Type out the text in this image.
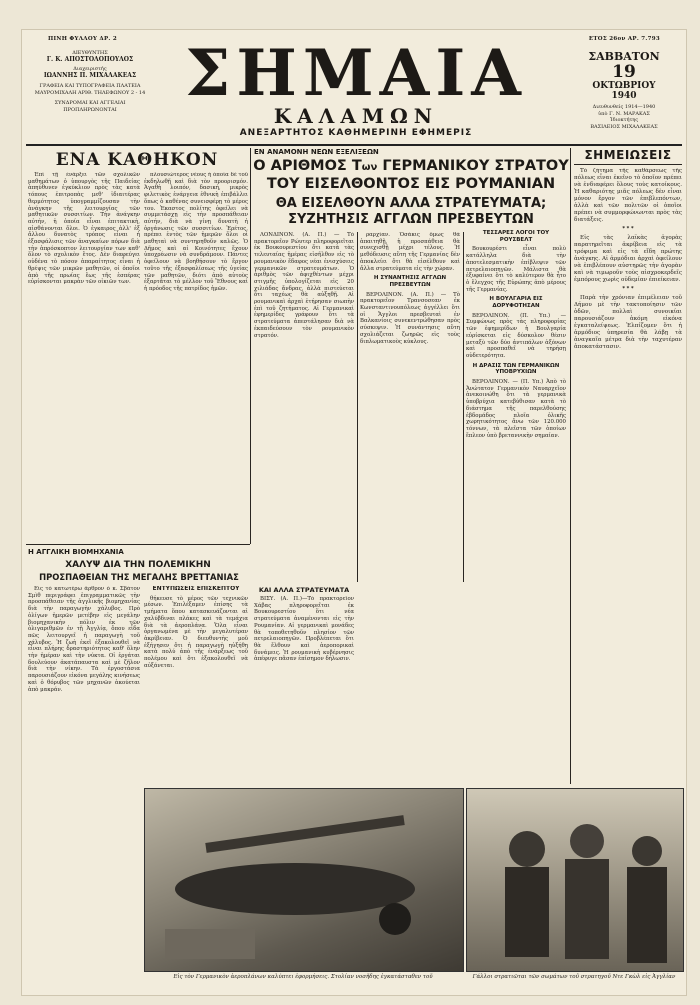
ΠΙΝΗ ΦΥΛΛΟΥ ΔΡ. 2	ΕΤΟΣ 26ον ΑΡ. 7.793
ΔΙΕΥΘΥΝΤΗΣ
Γ. Κ. ΑΠΟΣΤΟΛΟΠΟΥΛΟΣ
Διαχειριστής
ΙΩΑΝΝΗΣ Π. ΜΙΧΑΛΑΚΕΑΣ
ΓΡΑΦΕΙΑ ΚΑΙ ΤΥΠΟΓΡΑΦΕΙΑ ΠΛΑΤΕΙΑ ΜΑΥΡΟΜΙΧΑΛΗ ΑΡΙΘ. ΤΗΛΕΦΩΝΟΥ 2 - 14
ΣΥΝΔΡΟΜΑΙ ΚΑΙ ΑΓΓΕΛΙΑΙ ΠΡΟΠΛΗΡΩΝΟΝΤΑΙ	ΣΗΜΑΙΑ
ΚΑΛΑΜΩΝ
ΑΝΕΞΑΡΤΗΤΟΣ ΚΑΘΗΜΕΡΙΝΗ ΕΦΗΜΕΡΙΣ
ΣΑΒΒΑΤΟΝ
19
ΟΚΤΩΒΡΙΟΥ
1940
Διευθυνθείς 1914—1940
ὑπὸ Γ. Ν. ΜΑΡΑΚΑΣ
Ἰδιοκτήτης
ΒΑΣΙΛΕΙΟΣ ΜΙΧΑΛΑΚΕΑΣ
ΕΝΑ ΚΑΘΗΚΟΝ

Ἐπὶ τῇ ἐνάρξει τῶν σχολικῶν μαθημάτων ὁ ὑπουργὸς τῆς Παιδείας ἀπηύθυνεν ἐγκύκλιον πρὸς τὰς κατὰ τόπους ἐπιτροπὰς μεθ' ἰδιαιτέρας θερμότητος ὑπογραμμίζουσαν τὴν ἀνάγκην τῆς λειτουργίας τῶν μαθητικῶν συσσιτίων. Τὴν ἀνάγκην αὐτήν, ἡ ὁποία εἶναι ἐπιτακτικὴ, αἰσθάνονται ὅλοι. Ὁ ἐγκαιρος ἀλλ' ἐξ ἄλλου δυνατὸς τρόπος εἶναι ἡ ἐξασφάλισις τῶν ἀναγκαίων πόρων διὰ τὴν ἀπρόσκοπτον λειτουργίαν των καθ' ὅλον τὸ σχολικὸν ἔτος. Δὲν διαφεύγει οὐδένα τὸ πόσον ἀπαραίτητος εἶναι ἡ θρέψις τῶν μικρῶν μαθητῶν, οἱ ὁποῖοι ἀπὸ τῆς πρωίας ἔως τῆς ἑσπέρας εὑρίσκονται μακρὰν τῶν οἰκιῶν των.

πλουσιώτερος νέους ἡ ὁποία δὲ τοῦ ἐκδηλωθῇ καὶ διὰ τὸν προορισμόν. Ἀγαθὴ λοιπόν, δασική, μικρὸς φιλετικὸς ἐνάργεια ἐθνικὴ ἐπιβάλλει ὅπως ὁ καθένας συνεισφέρῃ τὸ μέρος του. Ἑκαστος πολίτης ὀφείλει νὰ συμμετάσχῃ εἰς τὴν προσπάθειαν αὐτήν, διὰ νὰ γίνῃ δυνατὴ ἡ ὀργάνωσις τῶν συσσιτίων. Ἐρέτος, πρέπει ἐντὸς τῶν ἡμερῶν ὅλοι οἱ μαθηταὶ νὰ συντηρηθοῦν καλῶς. Ὁ Δῆμος καὶ αἱ Κοινότητες ἔχουν ὑποχρέωσιν νὰ συνδράμουν. Πάντες ὀφείλουν νὰ βοηθήσουν τὸ ἔργον τοῦτο τῆς ἐξασφαλίσεως τῆς ὑγείας τῶν μαθητῶν, διότι ἀπὸ αὐτοὺς ἐξαρτᾶται τὸ μέλλον τοῦ Ἔθνους καὶ ἡ πρόοδος τῆς πατρίδος ἡμῶν.

ΕΝ ΑΝΑΜΟΝΗ ΝΕΩΝ ΕΞΕΛΙΞΕΩΝ
Ο ΑΡΙΘΜΟΣ Των ΓΕΡΜΑΝΙΚΟΥ ΣΤΡΑΤΟΥ
ΤΟΥ ΕΙΣΕΛΘΟΝΤΟΣ ΕΙΣ ΡΟΥΜΑΝΙΑΝ
ΘΑ ΕΙΣΕΛΘΟΥΝ ΑΛΛΑ ΣΤΡΑΤΕΥΜΑΤΑ;
ΣΥΖΗΤΗΣΙΣ ΑΓΓΛΩΝ ΠΡΕΣΒΕΥΤΩΝ

ΛΟΝΔΙΝΟΝ. (Α. Π.) — Τὸ πρακτορεῖον Ρώυτερ πληροφορεῖται ἐκ Βουκουρεστίου ὅτι κατὰ τὰς τελευταίας ἡμέρας εἰσῆλθον εἰς τὸ ρουμανικὸν ἔδαφος νέαι ἐνισχύσεις γερμανικῶν στρατευμάτων. Ὁ ἀριθμὸς τῶν ἀφιχθέντων μέχρι στιγμῆς ὑπολογίζεται εἰς 20 χιλιάδας ἄνδρας, ἀλλὰ πιστεύεται ὅτι ταχέως θὰ αὐξηθῇ. Αἱ ρουμανικαὶ ἀρχαὶ ἐτήρησαν σιωπὴν ἐπὶ τοῦ ζητήματος. Αἱ Γερμανικαὶ ἐφημερίδες γράφουν ὅτι τὰ στρατεύματα ἀπεστάλησαν διὰ νὰ ἐκπαιδεύσουν τὸν ρουμανικὸν στρατόν.

ραρχίαν. Ὁσάκις ὅμως θὰ ἀπαιτηθῇ, ἡ προσπάθεια θὰ συνεχισθῇ μέχρι τέλους. Ἡ μεθόδευσις αὕτη τῆς Γερμανίας δὲν ἀποκλείει ὅτι θὰ εἰσέλθουν καὶ ἄλλα στρατεύματα εἰς τὴν χώραν.

Η ΣΥΝΑΝΤΗΣΙΣ ΑΓΓΛΩΝ ΠΡΕΣΒΕΥΤΩΝ

ΒΕΡΟΛΙΝΟΝ. (Α. Π.) — Τὸ πρακτορεῖον Τρανσοσεαν ἐκ Κωνσταντινουπόλεως ἀγγέλλει ὅτι οἱ Ἄγγλοι πρεσβευταὶ ἐν Βαλκανίοις συνεκεντρώθησαν πρὸς σύσκεψιν. Ἡ συνάντησις αὕτη σχολιάζεται ζωηρῶς εἰς τοὺς διπλωματικοὺς κύκλους.

ΤΕΣΣΑΡΕΣ ΛΟΓΟΙ ΤΟΥ ΡΟΥΣΒΕΛΤ

Βουκουρέστι εἶναι πολὺ κατάλληλα διὰ τὴν ἀποτελεσματικὴν ἐπίβλεψιν τῶν πετρελαιοπηγῶν. Μάλιστα θὰ ἐξυφαίνει ὅτι τὸ καλύτερον θὰ ἦτο ὁ ἔλεγχος τῆς Εὐρώπης ἀπὸ μέρους τῆς Γερμανίας.

Η ΒΟΥΛΓΑΡΙΑ ΕΙΣ ΔΟΡΥΦΟΤΗΣΑΝ

ΒΕΡΟΛΙΝΟΝ. (Π. Υπ.) — Συμφώνως πρὸς τὰς πληροφορίας τῶν ἐφημερίδων ἡ Βουλγαρία εὑρίσκεται εἰς δύσκολον θέσιν μεταξὺ τῶν δύο ἀντιπάλων ἀξόνων καὶ προσπαθεῖ νὰ τηρήσῃ οὐδετερότητα.

Η ΔΡΑΣΙΣ ΤΩΝ ΓΕΡΜΑΝΙΚΩΝ ΥΠΟΒΡΥΧΙΩΝ

ΒΕΡΟΛΙΝΟΝ. — (Π. Υπ.) Ἀπὸ τὸ Ἀνώτατον Γερμανικὸν Ναυαρχεῖον ἀνεκοινώθη ὅτι τὰ γερμανικὰ ὑποβρύχια κατεβύθισαν κατὰ τὸ διάστημα τῆς παρελθούσης ἑβδομάδος πλοῖα ὁλικῆς χωρητικότητος ἄνω τῶν 120.000 τόννων, τὰ πλεῖστα τῶν ὁποίων ἔπλεον ὑπὸ βρεταννικὴν σημαίαν.

ΣΗΜΕΙΩΣΕΙΣ

Τὸ ζήτημα τῆς καθάρσεως τῆς πόλεως εἶναι ἐκεῖνο τὸ ὁποῖον πρέπει νὰ ἐνδιαφέρει ὅλους τοὺς κατοίκους. Ἡ καθαριότης μιᾶς πόλεως δὲν εἶναι μόνον ἔργον τῶν ἐπιβλεπόντων, ἀλλὰ καὶ τῶν πολιτῶν οἱ ὁποῖοι πρέπει νὰ συμμορφώνωνται πρὸς τὰς διατάξεις.

* * *

Εἰς τὰς λαϊκὰς ἀγορὰς παρατηρεῖται ἀκρίβεια εἰς τὰ τρόφιμα καὶ εἰς τὰ εἴδη πρώτης ἀνάγκης. Αἱ ἀρμόδιαι ἀρχαὶ ὀφείλουν νὰ ἐπιβλέπουν αὐστηρῶς τὴν ἀγορὰν καὶ νὰ τιμωροῦν τοὺς αἰσχροκερδεῖς ἐμπόρους χωρὶς οὐδεμίαν ἐπιείκειαν.

* * *

Παρὰ τὴν χρόνιαν ἐπιμέλειαν τοῦ Δήμου μὲ τὴν τακτοποίησιν τῶν ὁδῶν, πολλαὶ συνοικίαι παρουσιάζουν ἀκόμη εἰκόνα ἐγκαταλείψεως. Ἐλπίζομεν ὅτι ἡ ἁρμόδιος ὑπηρεσία θὰ λάβῃ τὰ ἀναγκαῖα μέτρα διὰ τὴν ταχυτέραν ἀποκατάστασιν.

Η ΑΓΓΛΙΚΗ ΒΙΟΜΗΧΑΝΙΑ
ΧΑΛΥΨ ΔΙΑ ΤΗΝ ΠΟΛΕΜΙΚΗΝ
ΠΡΟΣΠΑΘΕΙΑΝ ΤΗΣ ΜΕΓΑΛΗΣ ΒΡΕΤΤΑΝΙΑΣ

Εἰς τὸ κατωτέρω ἄρθρον ὁ κ. Σβάτον Σμὶθ περιγράφει ἐπιγραμματικῶς τὴν προσπάθειαν τῆς ἀγγλικῆς βιομηχανίας διὰ τὴν παραγωγὴν χάλυβος. Πρὸ ὀλίγων ἡμερῶν μετέβην εἰς μεγάλην βιομηχανικὴν πόλιν ἐκ τῶν ὀλιγαριθμῶν ἐν τῇ Ἀγγλίᾳ, ὅπου εἶδα πῶς λειτουργεῖ ἡ παραγωγὴ τοῦ χάλυβος. Ἡ ζωὴ ἐκεῖ ἐξακολουθεῖ νὰ εἶναι πλήρης δραστηριότητος καθ' ὅλην τὴν ἡμέραν καὶ τὴν νύκτα. Οἱ ἐργάται δουλεύουν ἀκατάπαυστα καὶ μὲ ζῆλον διὰ τὴν νίκην. Τὰ ἐργοστάσια παρουσιάζουν εἰκόνα μεγάλης κινήσεως καὶ ὁ θόρυβος τῶν μηχανῶν ἀκούεται ἀπὸ μακράν.

ΕΝΤΥΠΩΣΕΙΣ ΕΠΙΣΚΕΠΤΟΥ

θήκευσε τὸ μέρος τῶν τεχνικῶν μέσων. Ἐπιλέξαμεν ἐπίσης τὰ τμήματα ὅπου κατασκευάζονται αἱ χαλύβδιναι πλάκες καὶ τὰ τεμάχια διὰ τὰ ἀεροπλάνα. Ὅλα εἶναι ὀργανωμένα μὲ τὴν μεγαλυτέραν ἀκρίβειαν. Ὁ διευθυντὴς μοῦ ἐξήγησεν ὅτι ἡ παραγωγὴ ηὐξήθη κατὰ πολύ ἀπὸ τῆς ἐνάρξεως τοῦ πολέμου καὶ ὅτι ἐξακολουθεῖ νὰ αὐξάνεται.

ΚΑΙ ΑΛΛΑ ΣΤΡΑΤΕΥΜΑΤΑ

ΒΙΣΥ. (Α. Π.)—Τὸ πρακτορεῖον Χάβας πληροφορεῖται ἐκ Βουκουρεστίου ὅτι νέα στρατεύματα ἀναμένονται εἰς τὴν Ρουμανίαν. Αἱ γερμανικαὶ μονάδες θὰ τοποθετηθοῦν πλησίον τῶν πετρελαιοπηγῶν. Προβλέπεται ὅτι θὰ ἔλθουν καὶ ἀεροπορικαὶ δυνάμεις. Ἡ ρουμανικὴ κυβέρνησις ἀπέφυγε πᾶσαν ἐπίσημον δήλωσιν.

Εἰς τὸν Γερμανικὸν ἀεροπλάνων καλύπτει ἐφορμήσεις. Στολίαν νοσῆδης ἐγκατάσταθεν τοῦ	Γάλλοι στρατιῶται τῶν σωμάτων τοῦ στρατηγοῦ Ντε Γκὼλ εἰς Ἀγγλίαν
